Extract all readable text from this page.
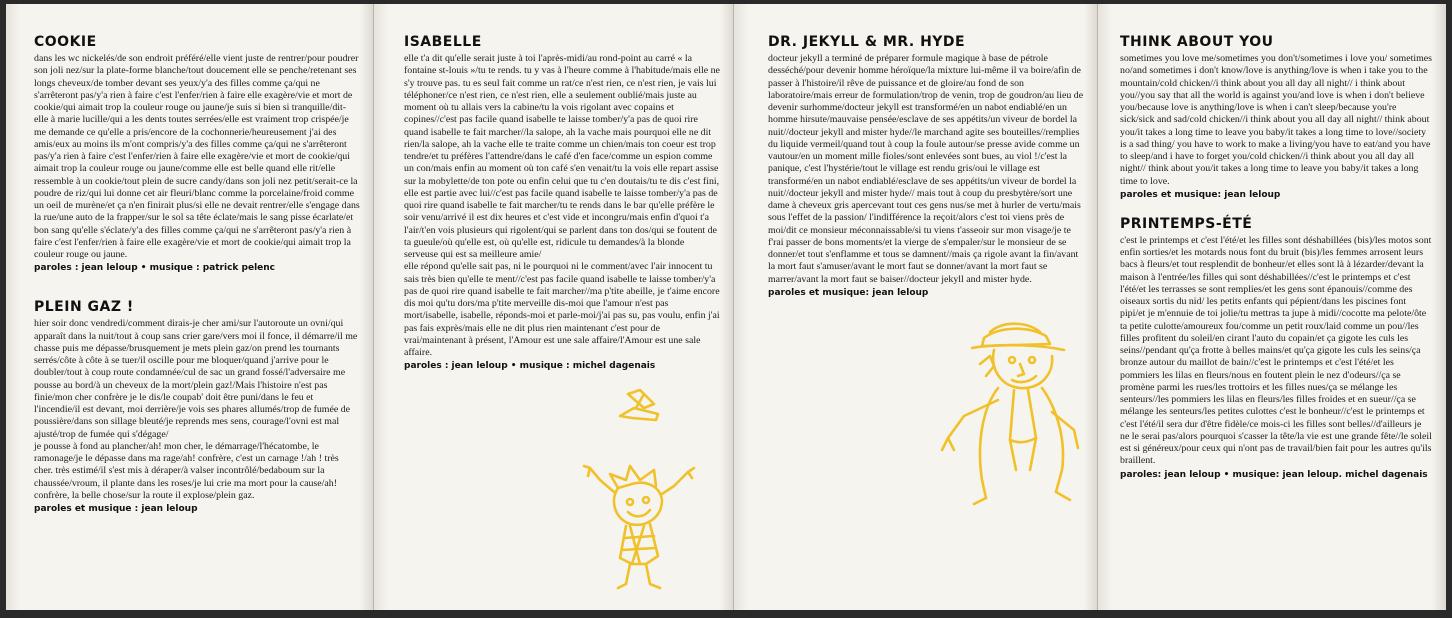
COOKIE

dans les wc nickelés/de son endroit préféré/elle vient juste de rentrer/pour poudrer son joli nez/sur la plate-forme blanche/tout doucement elle se penche/retenant ses longs cheveux/de tomber devant ses yeux/y'a des filles comme ça/qui ne s'arrêteront pas/y'a rien à faire c'est l'enfer/rien à faire elle exagère/vie et mort de cookie/qui aimait trop la couleur rouge ou jaune/je suis si bien si tranquille/dit-elle à marie lucille/qui a les dents toutes serrées/elle est vraiment trop crispée/je me demande ce qu'elle a pris/encore de la cochonnerie/heureusement j'ai des amis/eux au moins ils m'ont compris/y'a des filles comme ça/qui ne s'arrêteront pas/y'a rien à faire c'est l'enfer/rien à faire elle exagère/vie et mort de cookie/qui aimait trop la couleur rouge ou jaune/comme elle est belle quand elle rit/elle ressemble à un cookie/tout plein de sucre candy/dans son joli nez petit/serait-ce la poudre de riz/qui lui donne cet air fleuri/blanc comme la porcelaine/froid comme un oeil de murène/et ça n'en finirait plus/si elle ne devait rentrer/elle s'engage dans la rue/une auto de la frapper/sur le sol sa tête éclate/mais le sang pisse écarlate/et bon sang qu'elle s'éclate/y'a des filles comme ça/qui ne s'arrêteront pas/y'a rien à faire c'est l'enfer/rien à faire elle exagère/vie et mort de cookie/qui aimait trop la couleur rouge ou jaune.

paroles : jean leloup • musique : patrick pelenc

PLEIN GAZ !

hier soir donc vendredi/comment dirais-je cher ami/sur l'autoroute un ovni/qui apparaît dans la nuit/tout à coup sans crier gare/vers moi il fonce, il démarre/il me chasse puis me dépasse/brusquement je mets plein gaz/on prend les tournants serrés/côte à côte à se tuer/il oscille pour me bloquer/quand j'arrive pour le doubler/tout à coup route condamnée/cul de sac un grand fossé/l'adversaire me pousse au bord/à un cheveux de la mort/plein gaz!/Mais l'histoire n'est pas finie/mon cher confrère je le dis/le coupab' doit être puni/dans le feu et l'incendie/il est devant, moi derrière/je vois ses phares allumés/trop de fumée de poussière/dans son sillage bleuté/je reprends mes sens, courage/l'ovni est mal ajusté/trop de fumée qui s'dégage/
je pousse à fond au plancher/ah! mon cher, le démarrage/l'hécatombe, le ramonage/je le dépasse dans ma rage/ah! confrère, c'est un carnage !/ah ! très cher. très estimé/il s'est mis à déraper/à valser incontrôlé/bedaboum sur la chaussée/vroum, il plante dans les roses/je lui crie ma mort pour la cause/ah! confrère, la belle chose/sur la route il explose/plein gaz.

paroles et musique : jean leloup

ISABELLE

elle t'a dit qu'elle serait juste à toi l'après-midi/au rond-point au carré « la fontaine st-louis »/tu te rends. tu y vas à l'heure comme à l'habitude/mais elle ne s'y trouve pas. tu es seul fait comme un rat/ce n'est rien, ce n'est rien, je vais lui téléphoner/ce n'est rien, ce n'est rien, elle a seulement oublié/mais juste au moment où tu allais vers la cabine/tu la vois rigolant avec copains et copines//c'est pas facile quand isabelle te laisse tomber/y'a pas de quoi rire quand isabelle te fait marcher//la salope, ah la vache mais pourquoi elle ne dit rien/la salope, ah la vache elle te traite comme un chien/mais ton coeur est trop tendre/et tu préfères l'attendre/dans le café d'en face/comme un espion comme un con/mais enfin au moment où ton café s'en venait/tu la vois elle repart assise sur la mobylette/de ton pote ou enfin celui que tu c'en doutais/tu te dis c'est fini, elle est partie avec lui//c'est pas facile quand isabelle te laisse tomber/y'a pas de quoi rire quand isabelle te fait marcher/tu te rends dans le bar qu'elle préfère le soir venu/arrivé il est dix heures et c'est vide et incongru/mais enfin d'quoi t'a l'air/t'en vois plusieurs qui rigolent/qui se parlent dans ton dos/qui se foutent de ta gueule/où qu'elle est, où qu'elle est, ridicule tu demandes/à la blonde serveuse qui est sa meilleure amie/
elle répond qu'elle sait pas, ni le pourquoi ni le comment/avec l'air innocent tu sais très bien qu'elle te ment//c'est pas facile quand isabelle te laisse tomber/y'a pas de quoi rire quand isabelle te fait marcher//ma p'tite abeille, je t'aime encore dis moi qu'tu dors/ma p'tite merveille dis-moi que l'amour n'est pas mort/isabelle, isabelle, réponds-moi et parle-moi/j'ai pas su, pas voulu, enfin j'ai pas fais exprès/mais elle ne dit plus rien maintenant c'est pour de vrai/maintenant à présent, l'Amour est une sale affaire/l'Amour est une sale affaire.

paroles : jean leloup • musique : michel dagenais

DR. JEKYLL & MR. HYDE

docteur jekyll a terminé de préparer formule magique à base de pétrole desséché/pour devenir homme héroïque/la mixture lui-même il va boire/afin de passer à l'histoire/il rêve de puissance et de gloire/au fond de son laboratoire/mais erreur de formulation/trop de venin, trop de goudron/au lieu de devenir surhomme/docteur jekyll est transformé/en un nabot endiablé/en un homme hirsute/mauvaise pensée/esclave de ses appétits/un viveur de bordel la nuit//docteur jekyll and mister hyde//le marchand agite ses bouteilles//remplies du liquide vermeil/quand tout à coup la foule autour/se presse avide comme un vautour/en un moment mille fioles/sont enlevées sont bues, au viol !/c'est la panique, c'est l'hystérie/tout le village est rendu gris/oui le village est transformé/en un nabot endiablé/esclave de ses appétits/un viveur de bordel la nuit//docteur jekyll and mister hyde// mais tout à coup du presbytère/sort une dame à cheveux gris apercevant tout ces gens nus/se met à hurler de vertu/mais sous l'effet de la passion/ l'indifférence la reçoit/alors c'est toi viens près de moi/dit ce monsieur méconnaissable/si tu viens t'asseoir sur mon visage/je te f'rai passer de bons moments/et la vierge de s'empaler/sur le monsieur de se donner/et tout s'enflamme et tous se damnent//mais ça rigole avant la fin/avant la mort faut s'amuser/avant le mort faut se donner/avant la mort faut se marrer/avant la mort faut se baiser//docteur jekyll and mister hyde.

paroles et musique: jean leloup

THINK ABOUT YOU

sometimes you love me/sometimes you don't/sometimes i love you/ sometimes no/and sometimes i don't know/love is anything/love is when i take you to the mountain/cold chicken//i think about you all day all night// i think about you//you say that all the world is against you/and love is when i don't believe you/because love is anything/love is when i can't sleep/because you're sick/sick and sad/cold chicken//i think about you all day all night// think about you/it takes a long time to leave you baby/it takes a long time to love//society is a sad thing/ you have to work to make a living/you have to eat/and you have to sleep/and i have to forget you/cold chicken//i think about you all day all night// think about you/it takes a long time to leave you baby/it takes a long time to love.

paroles et musique: jean leloup

PRINTEMPS-ÉTÉ

c'est le printemps et c'est l'été/et les filles sont déshabillées (bis)/les motos sont enfin sorties/et les motards nous font du bruit (bis)/les femmes arrosent leurs bacs à fleurs/et tout resplendit de bonheur/et elles sont là à lézarder/devant la maison à l'entrée/les filles qui sont déshabillées//c'est le printemps et c'est l'été/et les terrasses se sont remplies/et les gens sont épanouis//comme des oiseaux sortis du nid/ les petits enfants qui pépient/dans les piscines font pipi/et je m'ennuie de toi jolie/tu mettras ta jupe à midi//cocotte ma pelote/ôte ta petite culotte/amoureux fou/comme un petit roux/laid comme un pou//les filles profitent du soleil/en cirant l'auto du copain/et ça gigote les culs les seins//pendant qu'ça frotte à belles mains/et qu'ça gigote les culs les seins/ça bronze autour du maillot de bain//c'est le printemps et c'est l'été/et les pommiers les lilas en fleurs/nous en foutent plein le nez d'odeurs//ça se promène parmi les rues/les trottoirs et les filles nues/ça se mélange les senteurs//les pommiers les lilas en fleurs/les filles froides et en sueur//ça se mélange les senteurs/les petites culottes c'est le bonheur//c'est le printemps et c'est l'été/il sera dur d'être fidèle/ce mois-ci les filles sont belles//d'ailleurs je ne le serai pas/alors pourquoi s'casser la tête/la vie est une grande fête//le soleil est si généreux/pour ceux qui n'ont pas de travail/bien fait pour les autres qu'ils braillent.

paroles: jean leloup • musique: jean leloup. michel dagenais
